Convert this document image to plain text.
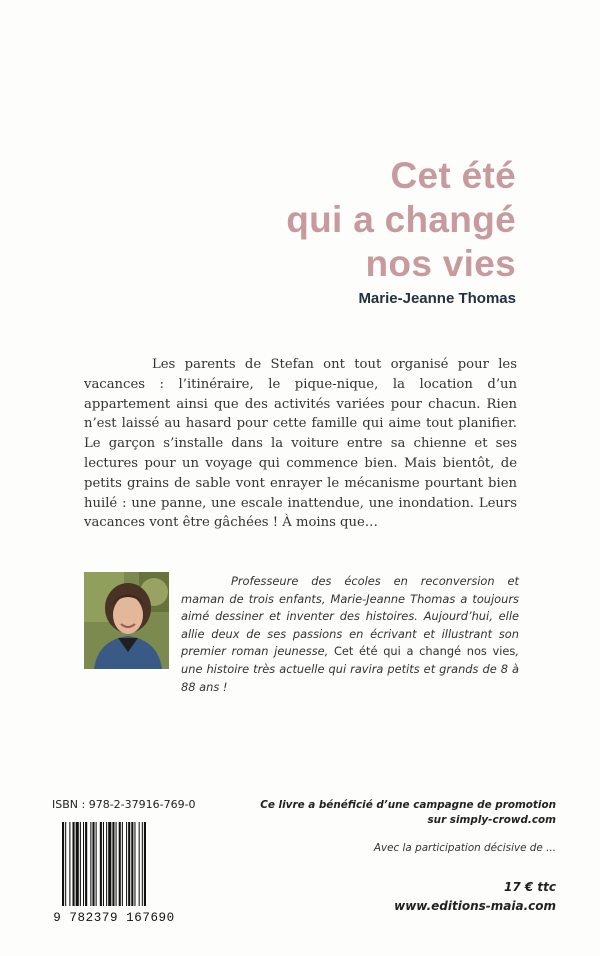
Cet été
qui a changé
nos vies
Marie-Jeanne Thomas

Les parents de Stefan ont tout organisé pour les vacances : l’itinéraire, le pique-nique, la location d’un appartement ainsi que des activités variées pour chacun. Rien n’est laissé au hasard pour cette famille qui aime tout planifier. Le garçon s’installe dans la voiture entre sa chienne et ses lectures pour un voyage qui commence bien. Mais bientôt, de petits grains de sable vont enrayer le mécanisme pourtant bien huilé : une panne, une escale inattendue, une inondation. Leurs vacances vont être gâchées ! À moins que…

Professeure des écoles en reconversion et maman de trois enfants, Marie-Jeanne Thomas a toujours aimé dessiner et inventer des histoires. Aujourd’hui, elle allie deux de ses passions en écrivant et illustrant son premier roman jeunesse, Cet été qui a changé nos vies, une histoire très actuelle qui ravira petits et grands de 8 à 88 ans !

ISBN : 978-2-37916-769-0
9 782379 167690
Ce livre a bénéficié d’une campagne de promotion
sur simply-crowd.com
Avec la participation décisive de ...
17 € ttc
www.editions-maia.com
